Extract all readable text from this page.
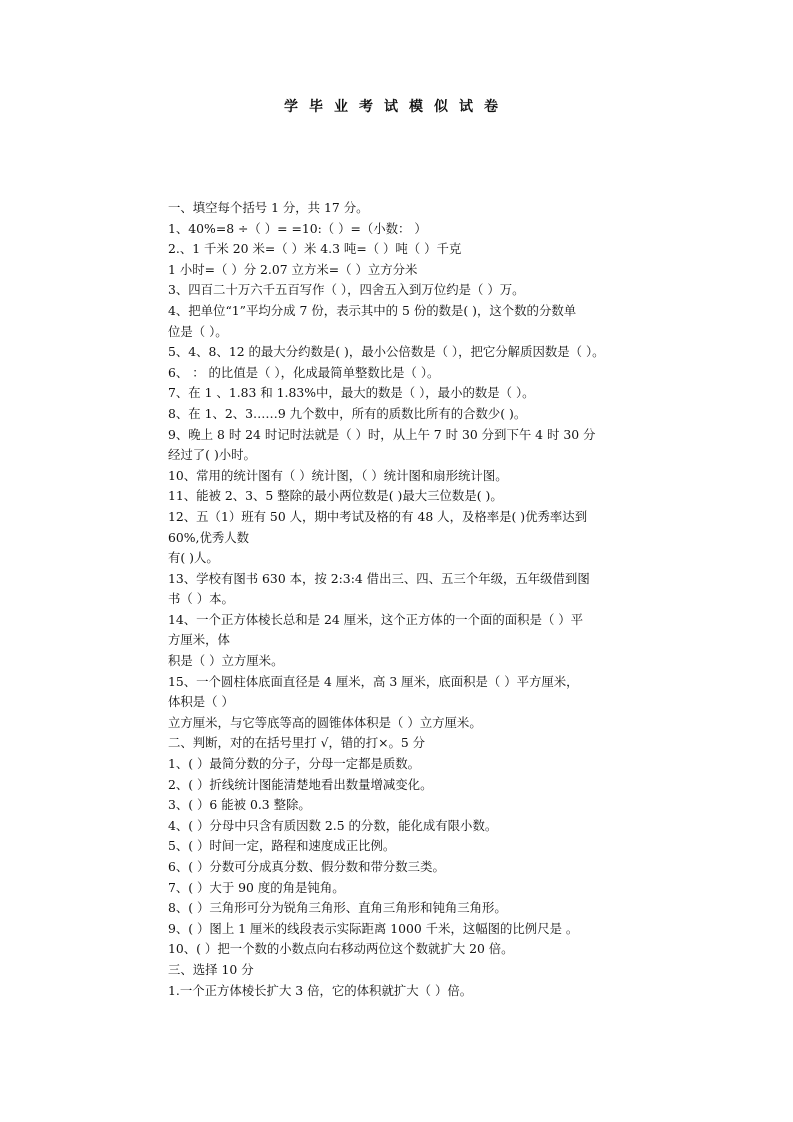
学毕业考试模似试卷

一、填空每个括号 1 分，共 17 分。

1、40%=8 ÷（ ）= =10:（ ）=（小数： ）

2.、1 千米 20 米=（ ）米 4.3 吨=（ ）吨（ ）千克

1 小时=（ ）分 2.07 立方米=（ ）立方分米

3、四百二十万六千五百写作（ ），四舍五入到万位约是（ ）万。

4、把单位“1”平均分成 7 份，表示其中的 5 份的数是( )，这个数的分数单

位是（ ）。

5、4、8、12 的最大分约数是( )，最小公倍数是（ ），把它分解质因数是（ ）。

6、 ： 的比值是（ ），化成最简单整数比是（ ）。

7、在 1 、1.83 和 1.83%中，最大的数是（ ），最小的数是（ ）。

8、在 1、2、3……9 九个数中，所有的质数比所有的合数少( )。

9、晚上 8 时 24 时记时法就是（ ）时，从上午 7 时 30 分到下午 4 时 30 分

经过了( )小时。

10、常用的统计图有（ ）统计图，（ ）统计图和扇形统计图。

11、能被 2、3、5 整除的最小两位数是( )最大三位数是( )。

12、五（1）班有 50 人，期中考试及格的有 48 人，及格率是( )优秀率达到

60%,优秀人数

有( )人。

13、学校有图书 630 本，按 2:3:4 借出三、四、五三个年级，五年级借到图

书（ ）本。

14、一个正方体棱长总和是 24 厘米，这个正方体的一个面的面积是（ ）平

方厘米，体

积是（ ）立方厘米。

15、一个圆柱体底面直径是 4 厘米，高 3 厘米，底面积是（ ）平方厘米，

体积是（ ）

立方厘米，与它等底等高的圆锥体体积是（ ）立方厘米。

二、判断，对的在括号里打 √，错的打×。5 分

1、( ）最简分数的分子，分母一定都是质数。

2、( ）折线统计图能清楚地看出数量增减变化。

3、( ）6 能被 0.3 整除。

4、( ）分母中只含有质因数 2.5 的分数，能化成有限小数。

5、( ）时间一定，路程和速度成正比例。

6、( ）分数可分成真分数、假分数和带分数三类。

7、( ）大于 90 度的角是钝角。

8、( ）三角形可分为锐角三角形、直角三角形和钝角三角形。

9、( ）图上 1 厘米的线段表示实际距离 1000 千米，这幅图的比例尺是 。

10、( ）把一个数的小数点向右移动两位这个数就扩大 20 倍。

三、选择 10 分

1.一个正方体棱长扩大 3 倍，它的体积就扩大（ ）倍。
